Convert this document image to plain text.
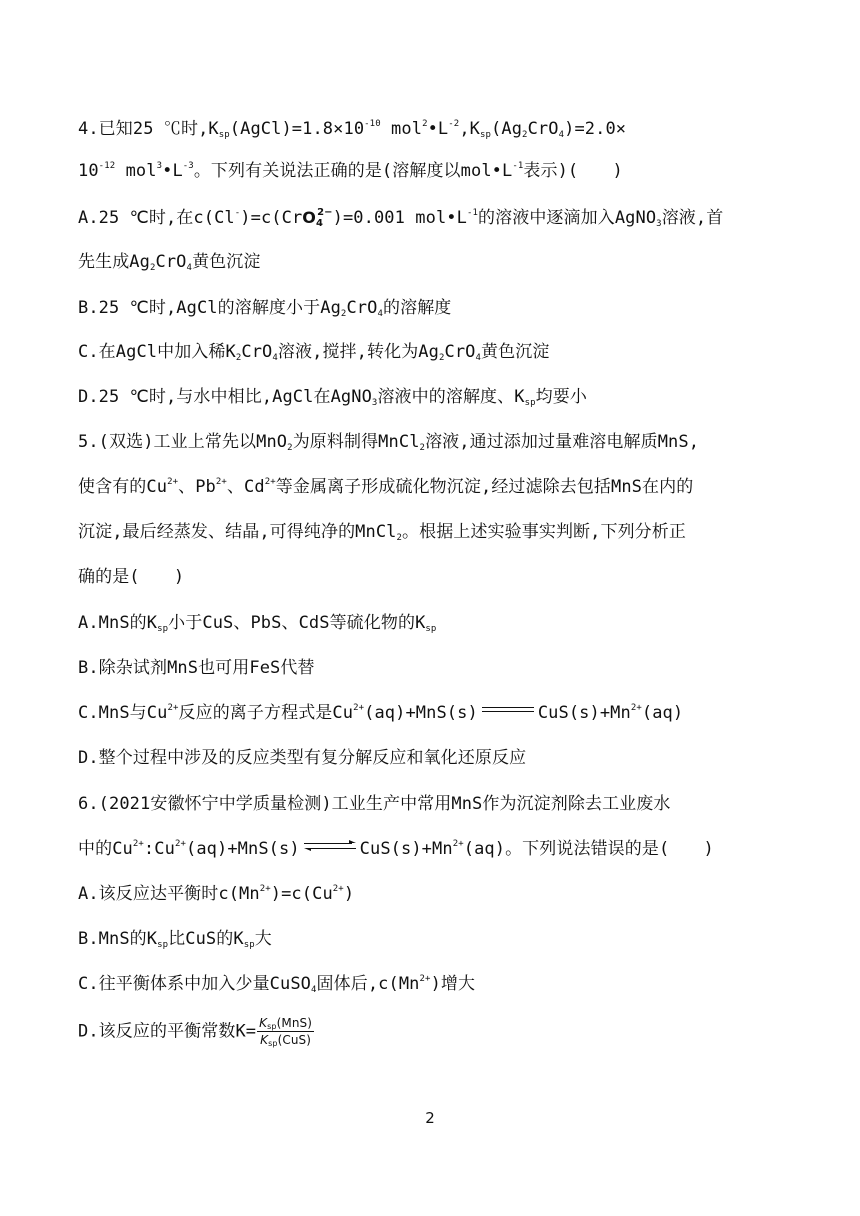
4.已知25 ℃时$,K_{sp}(AgCl)=1.8\times 10^{-10}$ $mol^2•L^{-2},K_{sp}(Ag_2CrO_4)=2.0\times$
$10^{-12}$ $mol^3•L^{-3}$。下列有关说法正确的是(溶解度以$mol•L^{-1}$表示)(　　)
A.25 ℃时,在c(Cl-)=c(CrO$_4^{2-}$)=0.001 $mol•L^{-1}$的溶液中逐滴加入AgNO$_3$溶液,首
先生成$Ag_2CrO_4$黄色沉淀
B.25 ℃时,AgCl的溶解度小于$Ag_2CrO_4$的溶解度
C.在AgCl中加入稀$K_2CrO_4$溶液,搅拌,转化为$Ag_2CrO_4$黄色沉淀
D.25 ℃时,与水中相比,AgCl在AgNO$_3$溶液中的溶解度、$K_{sp}$均要小
5.(双选)工业上常先以MnO$_2$为原料制得MnCl$_2$溶液,通过添加过量难溶电解质MnS,
使含有的$Cu^{2+}$、$Pb^{2+}$、$Cd^{2+}$等金属离子形成硫化物沉淀,经过滤除去包括MnS在内的
沉淀,最后经蒸发、结晶,可得纯净的MnCl$_2$。根据上述实验事实判断,下列分析正
确的是(　　)
A.MnS的$K_{sp}$小于CuS、PbS、CdS等硫化物的$K_{sp}$
B.除杂试剂MnS也可用FeS代替
C.MnS与$Cu^{2+}$反应的离子方程式是$Cu^{2+}(aq)+MnS(s)$	$CuS(s)+Mn^{2+}(aq)$
D.整个过程中涉及的反应类型有复分解反应和氧化还原反应
6.(2021安徽怀宁中学质量检测)工业生产中常用MnS作为沉淀剂除去工业废水
中的$Cu^{2+}:Cu^{2+}(aq)+MnS(s)$	$CuS(s)+Mn^{2+}(aq)$。下列说法错误的是(　　)
A.该反应达平衡时$c(Mn^{2+})=c(Cu^{2+})$
B.MnS的$K_{sp}$比CuS的$K_{sp}$大
C.往平衡体系中加入少量CuSO$_4$固体后$,c(Mn^{2+})$增大
D.该反应的平衡常数$K= \frac{K_{sp}(MnS)}{K_{sp}(CuS)}$
2
